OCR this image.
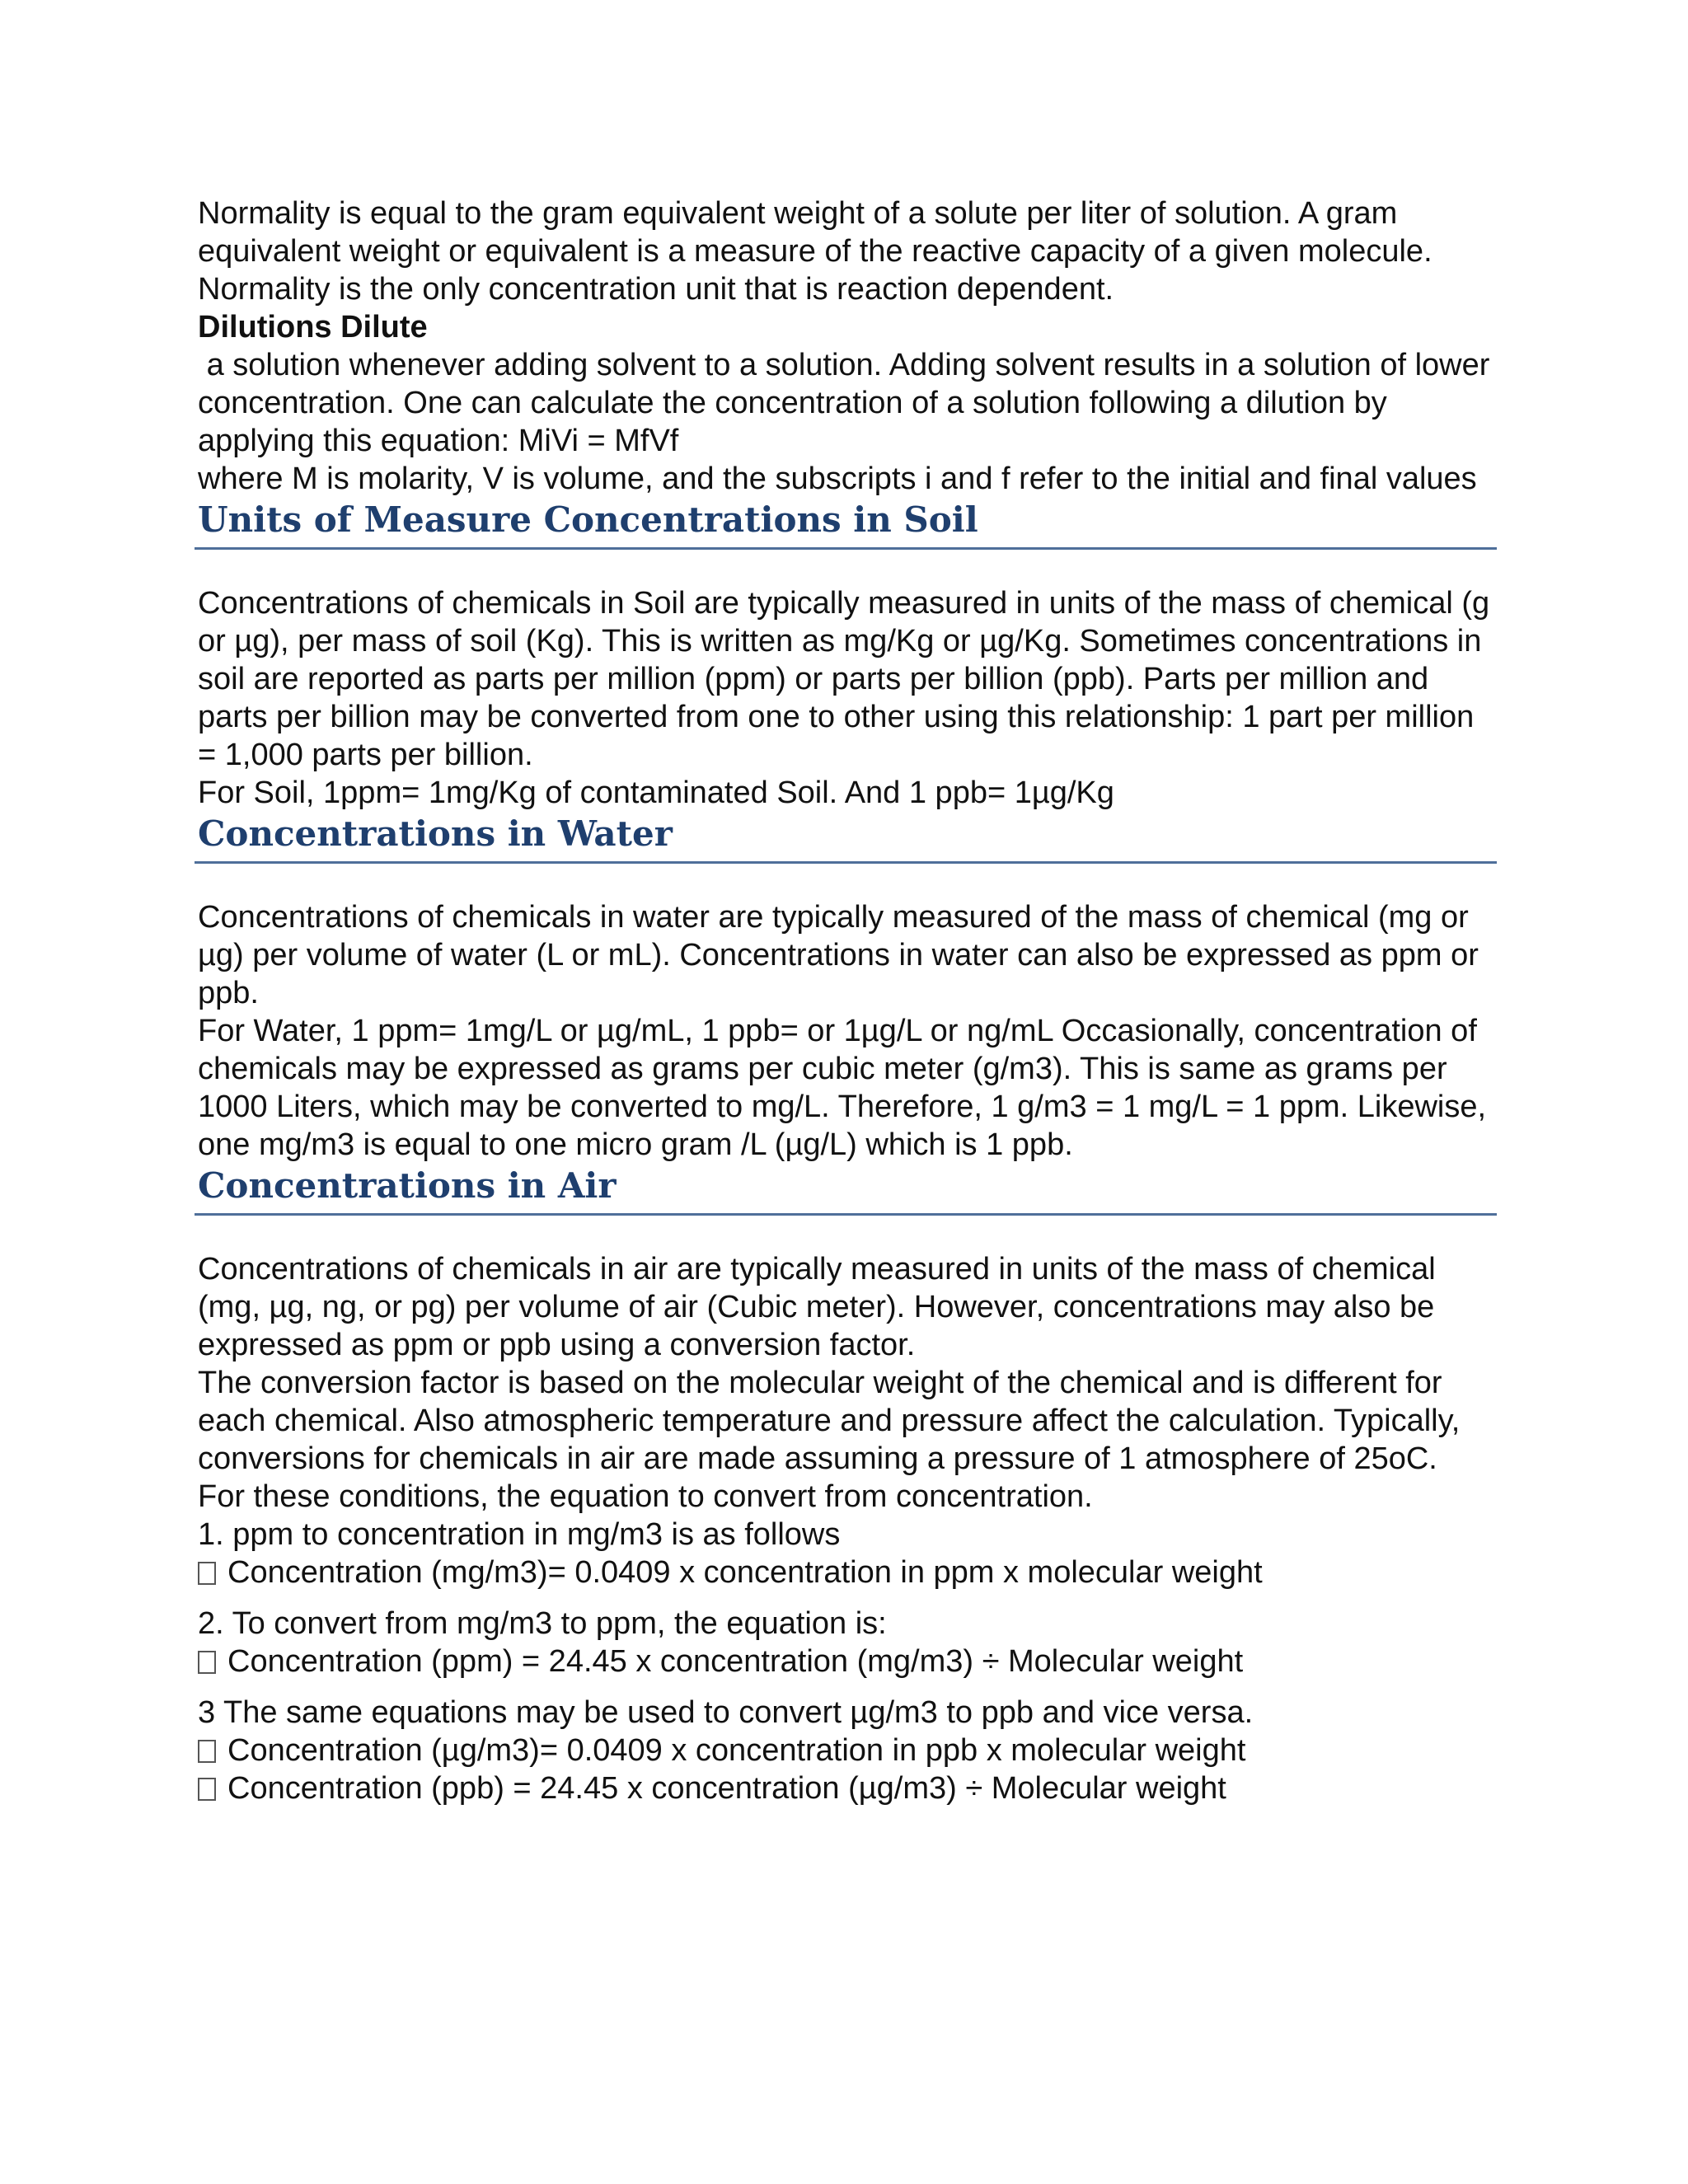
Normality is equal to the gram equivalent weight of a solute per liter of solution. A gram equivalent weight or equivalent is a measure of the reactive capacity of a given molecule. Normality is the only concentration unit that is reaction dependent.

Dilutions Dilute

a solution whenever adding solvent to a solution. Adding solvent results in a solution of lower concentration. One can calculate the concentration of a solution following a dilution by applying this equation: MiVi = MfVf

where M is molarity, V is volume, and the subscripts i and f refer to the initial and final values

Units of Measure Concentrations in Soil

Concentrations of chemicals in Soil are typically measured in units of the mass of chemical (g or µg), per mass of soil (Kg). This is written as mg/Kg or µg/Kg. Sometimes concentrations in soil are reported as parts per million (ppm) or parts per billion (ppb). Parts per million and parts per billion may be converted from one to other using this relationship: 1 part per million = 1,000 parts per billion.

For Soil, 1ppm= 1mg/Kg of contaminated Soil. And 1 ppb= 1µg/Kg

Concentrations in Water

Concentrations of chemicals in water are typically measured of the mass of chemical (mg or µg) per volume of water (L or mL). Concentrations in water can also be expressed as ppm or ppb.

For Water, 1 ppm= 1mg/L or µg/mL, 1 ppb= or 1µg/L or ng/mL Occasionally, concentration of chemicals may be expressed as grams per cubic meter (g/m3). This is same as grams per 1000 Liters, which may be converted to mg/L. Therefore, 1 g/m3 = 1 mg/L = 1 ppm. Likewise, one mg/m3 is equal to one micro gram /L (µg/L) which is 1 ppb.

Concentrations in Air

Concentrations of chemicals in air are typically measured in units of the mass of chemical (mg, µg, ng, or pg) per volume of air (Cubic meter). However, concentrations may also be expressed as ppm or ppb using a conversion factor.

The conversion factor is based on the molecular weight of the chemical and is different for each chemical. Also atmospheric temperature and pressure affect the calculation. Typically, conversions for chemicals in air are made assuming a pressure of 1 atmosphere of 25oC.

For these conditions, the equation to convert from concentration.

1. ppm to concentration in mg/m3 is as follows

Concentration (mg/m3)= 0.0409 x concentration in ppm x molecular weight

2. To convert from mg/m3 to ppm, the equation is:

Concentration (ppm) = 24.45 x concentration (mg/m3) ÷ Molecular weight

3 The same equations may be used to convert µg/m3 to ppb and vice versa.

Concentration (µg/m3)= 0.0409 x concentration in ppb x molecular weight

Concentration (ppb) = 24.45 x concentration (µg/m3) ÷ Molecular weight
